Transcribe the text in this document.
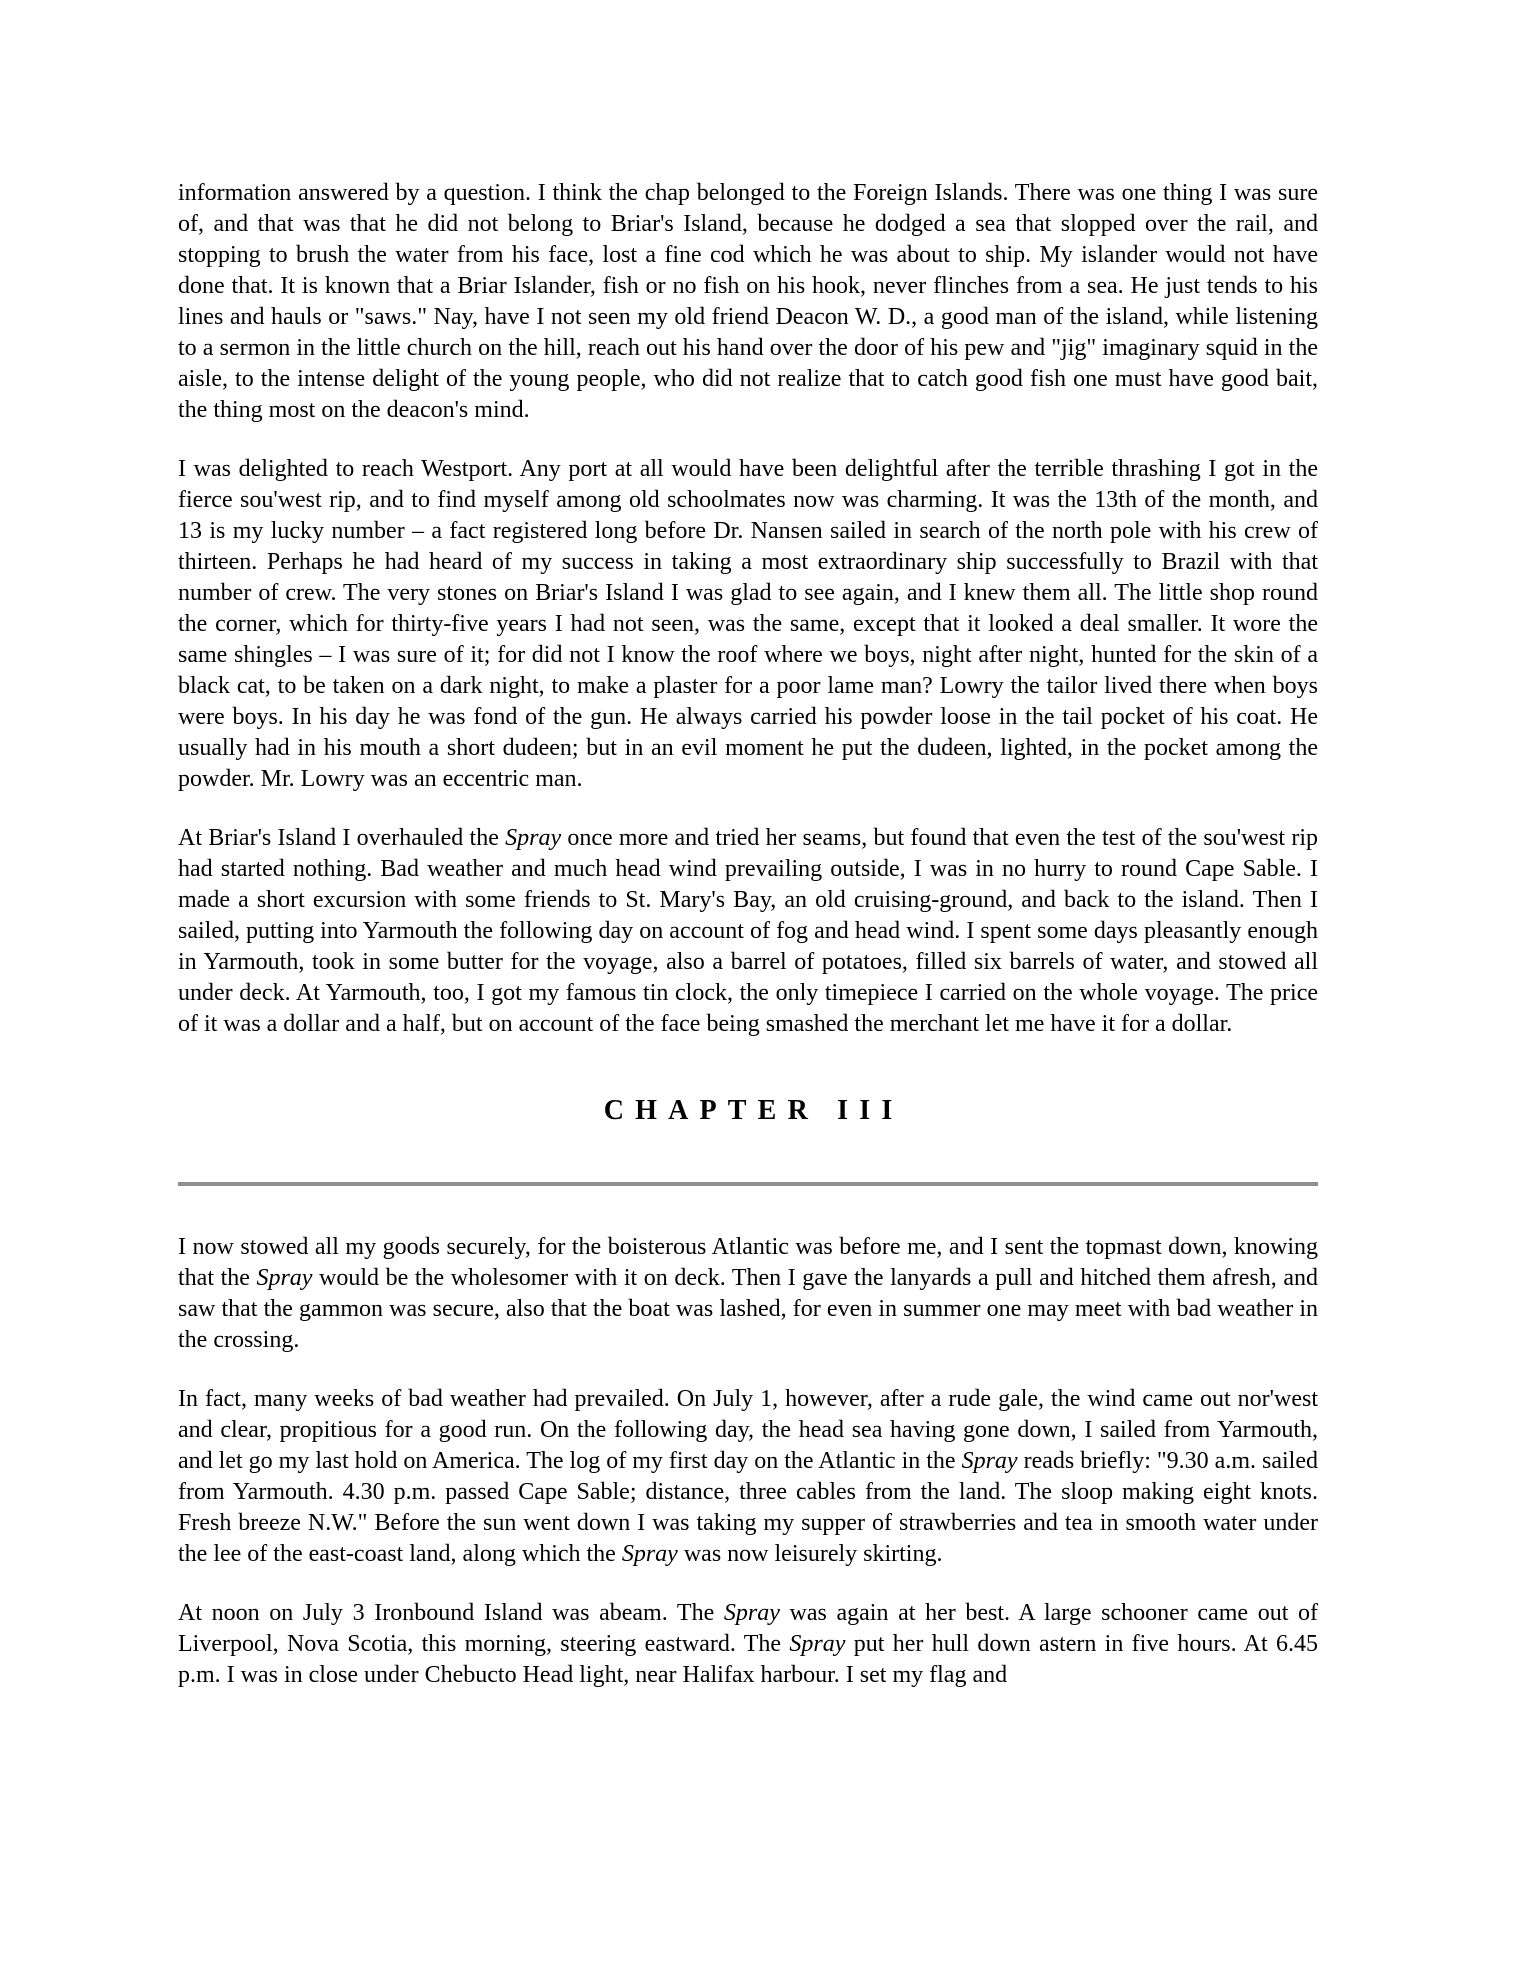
information answered by a question. I think the chap belonged to the Foreign Islands. There was one thing I was sure of, and that was that he did not belong to Briar's Island, because he dodged a sea that slopped over the rail, and stopping to brush the water from his face, lost a fine cod which he was about to ship. My islander would not have done that. It is known that a Briar Islander, fish or no fish on his hook, never flinches from a sea. He just tends to his lines and hauls or "saws." Nay, have I not seen my old friend Deacon W. D., a good man of the island, while listening to a sermon in the little church on the hill, reach out his hand over the door of his pew and "jig" imaginary squid in the aisle, to the intense delight of the young people, who did not realize that to catch good fish one must have good bait, the thing most on the deacon's mind.

I was delighted to reach Westport. Any port at all would have been delightful after the terrible thrashing I got in the fierce sou'west rip, and to find myself among old schoolmates now was charming. It was the 13th of the month, and 13 is my lucky number – a fact registered long before Dr. Nansen sailed in search of the north pole with his crew of thirteen. Perhaps he had heard of my success in taking a most extraordinary ship successfully to Brazil with that number of crew. The very stones on Briar's Island I was glad to see again, and I knew them all. The little shop round the corner, which for thirty-five years I had not seen, was the same, except that it looked a deal smaller. It wore the same shingles – I was sure of it; for did not I know the roof where we boys, night after night, hunted for the skin of a black cat, to be taken on a dark night, to make a plaster for a poor lame man? Lowry the tailor lived there when boys were boys. In his day he was fond of the gun. He always carried his powder loose in the tail pocket of his coat. He usually had in his mouth a short dudeen; but in an evil moment he put the dudeen, lighted, in the pocket among the powder. Mr. Lowry was an eccentric man.

At Briar's Island I overhauled the Spray once more and tried her seams, but found that even the test of the sou'west rip had started nothing. Bad weather and much head wind prevailing outside, I was in no hurry to round Cape Sable. I made a short excursion with some friends to St. Mary's Bay, an old cruising-ground, and back to the island. Then I sailed, putting into Yarmouth the following day on account of fog and head wind. I spent some days pleasantly enough in Yarmouth, took in some butter for the voyage, also a barrel of potatoes, filled six barrels of water, and stowed all under deck. At Yarmouth, too, I got my famous tin clock, the only timepiece I carried on the whole voyage. The price of it was a dollar and a half, but on account of the face being smashed the merchant let me have it for a dollar.

CHAPTER III

I now stowed all my goods securely, for the boisterous Atlantic was before me, and I sent the topmast down, knowing that the Spray would be the wholesomer with it on deck. Then I gave the lanyards a pull and hitched them afresh, and saw that the gammon was secure, also that the boat was lashed, for even in summer one may meet with bad weather in the crossing.

In fact, many weeks of bad weather had prevailed. On July 1, however, after a rude gale, the wind came out nor'west and clear, propitious for a good run. On the following day, the head sea having gone down, I sailed from Yarmouth, and let go my last hold on America. The log of my first day on the Atlantic in the Spray reads briefly: "9.30 a.m. sailed from Yarmouth. 4.30 p.m. passed Cape Sable; distance, three cables from the land. The sloop making eight knots. Fresh breeze N.W." Before the sun went down I was taking my supper of strawberries and tea in smooth water under the lee of the east-coast land, along which the Spray was now leisurely skirting.

At noon on July 3 Ironbound Island was abeam. The Spray was again at her best. A large schooner came out of Liverpool, Nova Scotia, this morning, steering eastward. The Spray put her hull down astern in five hours. At 6.45 p.m. I was in close under Chebucto Head light, near Halifax harbour. I set my flag and
